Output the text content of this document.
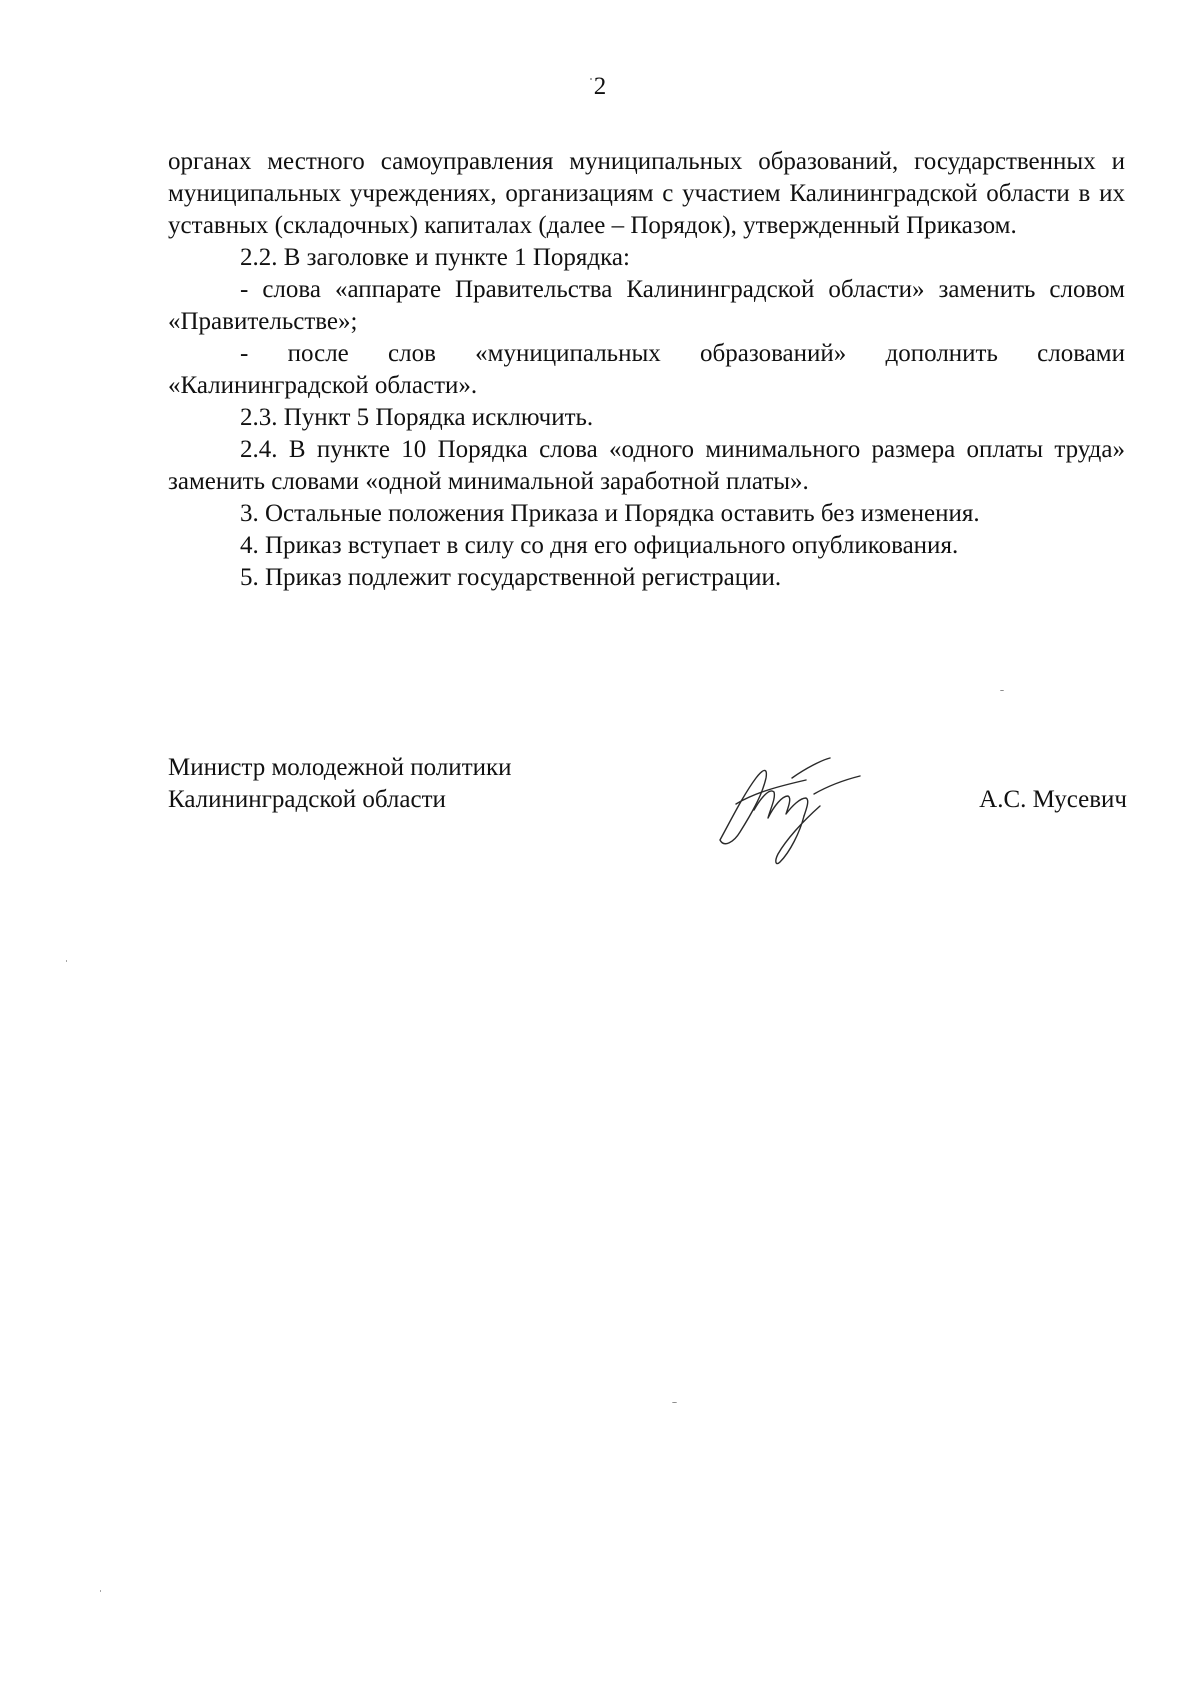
2

органах местного самоуправления муниципальных образований, государственных и муниципальных учреждениях, организациям с участием Калининградской области в их уставных (складочных) капиталах (далее – Порядок), утвержденный Приказом.

2.2. В заголовке и пункте 1 Порядка:

- слова «аппарате Правительства Калининградской области» заменить словом «Правительстве»;

- после слов «муниципальных образований» дополнить словами «Калининградской области».

2.3. Пункт 5 Порядка исключить.

2.4. В пункте 10 Порядка слова «одного минимального размера оплаты труда» заменить словами «одной минимальной заработной платы».

3. Остальные положения Приказа и Порядка оставить без изменения.

4. Приказ вступает в силу со дня его официального опубликования.

5. Приказ подлежит государственной регистрации.

Министр молодежной политики
Калининградской области	А.С. Мусевич
